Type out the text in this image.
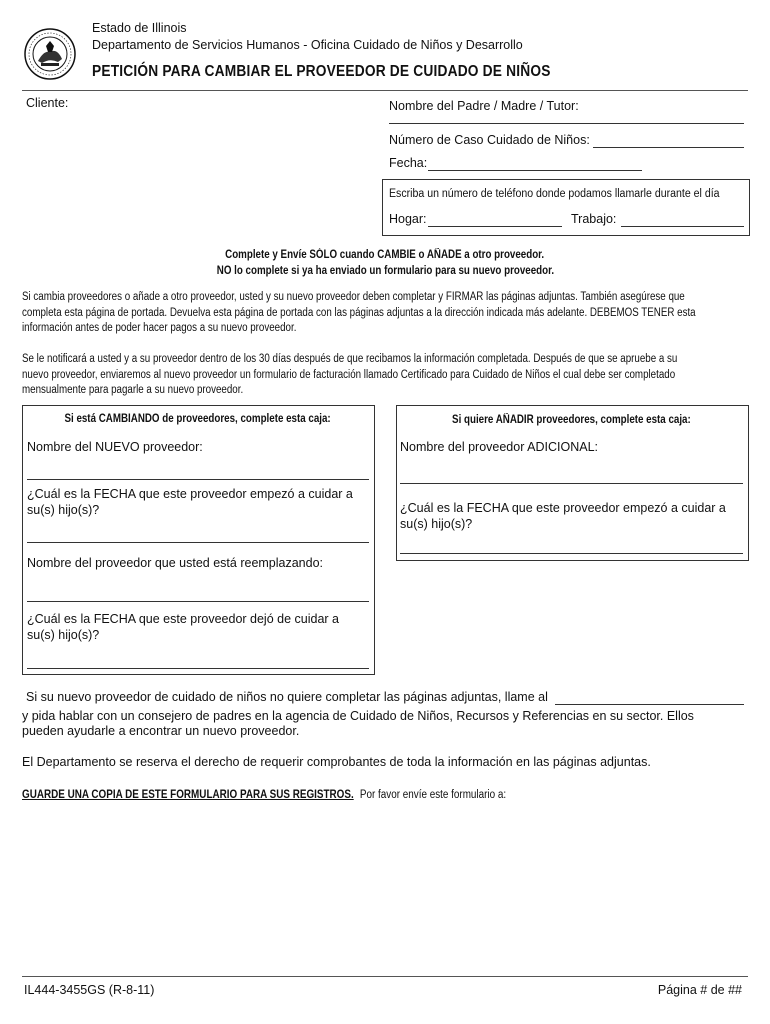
Estado de Illinois
Departamento de Servicios Humanos - Oficina Cuidado de Niños y Desarrollo
PETICIÓN PARA CAMBIAR EL PROVEEDOR DE CUIDADO DE NIÑOS
Cliente:	Nombre del Padre / Madre / Tutor:
Número de Caso Cuidado de Niños:
Fecha:
Escriba un número de teléfono donde podamos llamarle durante el día
Hogar:	Trabajo:
Complete y Envíe SÓLO cuando CAMBIE o AÑADE a otro proveedor.
NO lo complete si ya ha enviado un formulario para su nuevo proveedor.
Si cambia proveedores o añade a otro proveedor, usted y su nuevo proveedor deben completar y FIRMAR las páginas adjuntas. También asegúrese que
completa esta página de portada. Devuelva esta página de portada con las páginas adjuntas a la dirección indicada más adelante. DEBEMOS TENER esta
información antes de poder hacer pagos a su nuevo proveedor.
Se le notificará a usted y a su proveedor dentro de los 30 días después de que recibamos la información completada. Después de que se apruebe a su
nuevo proveedor, enviaremos al nuevo proveedor un formulario de facturación llamado Certificado para Cuidado de Niños el cual debe ser completado
mensualmente para pagarle a su nuevo proveedor.
Si está CAMBIANDO de proveedores, complete esta caja:
Nombre del NUEVO proveedor:
¿Cuál es la FECHA que este proveedor empezó a cuidar a
su(s) hijo(s)?
Nombre del proveedor que usted está reemplazando:
¿Cuál es la FECHA que este proveedor dejó de cuidar a
su(s) hijo(s)?
Si quiere AÑADIR proveedores, complete esta caja:
Nombre del proveedor ADICIONAL:
¿Cuál es la FECHA que este proveedor empezó a cuidar a
su(s) hijo(s)?
Si su nuevo proveedor de cuidado de niños no quiere completar las páginas adjuntas, llame al
y pida hablar con un consejero de padres en la agencia de Cuidado de Niños, Recursos y Referencias en su sector. Ellos
pueden ayudarle a encontrar un nuevo proveedor.
El Departamento se reserva el derecho de requerir comprobantes de toda la información en las páginas adjuntas.
GUARDE UNA COPIA DE ESTE FORMULARIO PARA SUS REGISTROS. Por favor envíe este formulario a:
IL444-3455GS (R-8-11)	Página # de ##
